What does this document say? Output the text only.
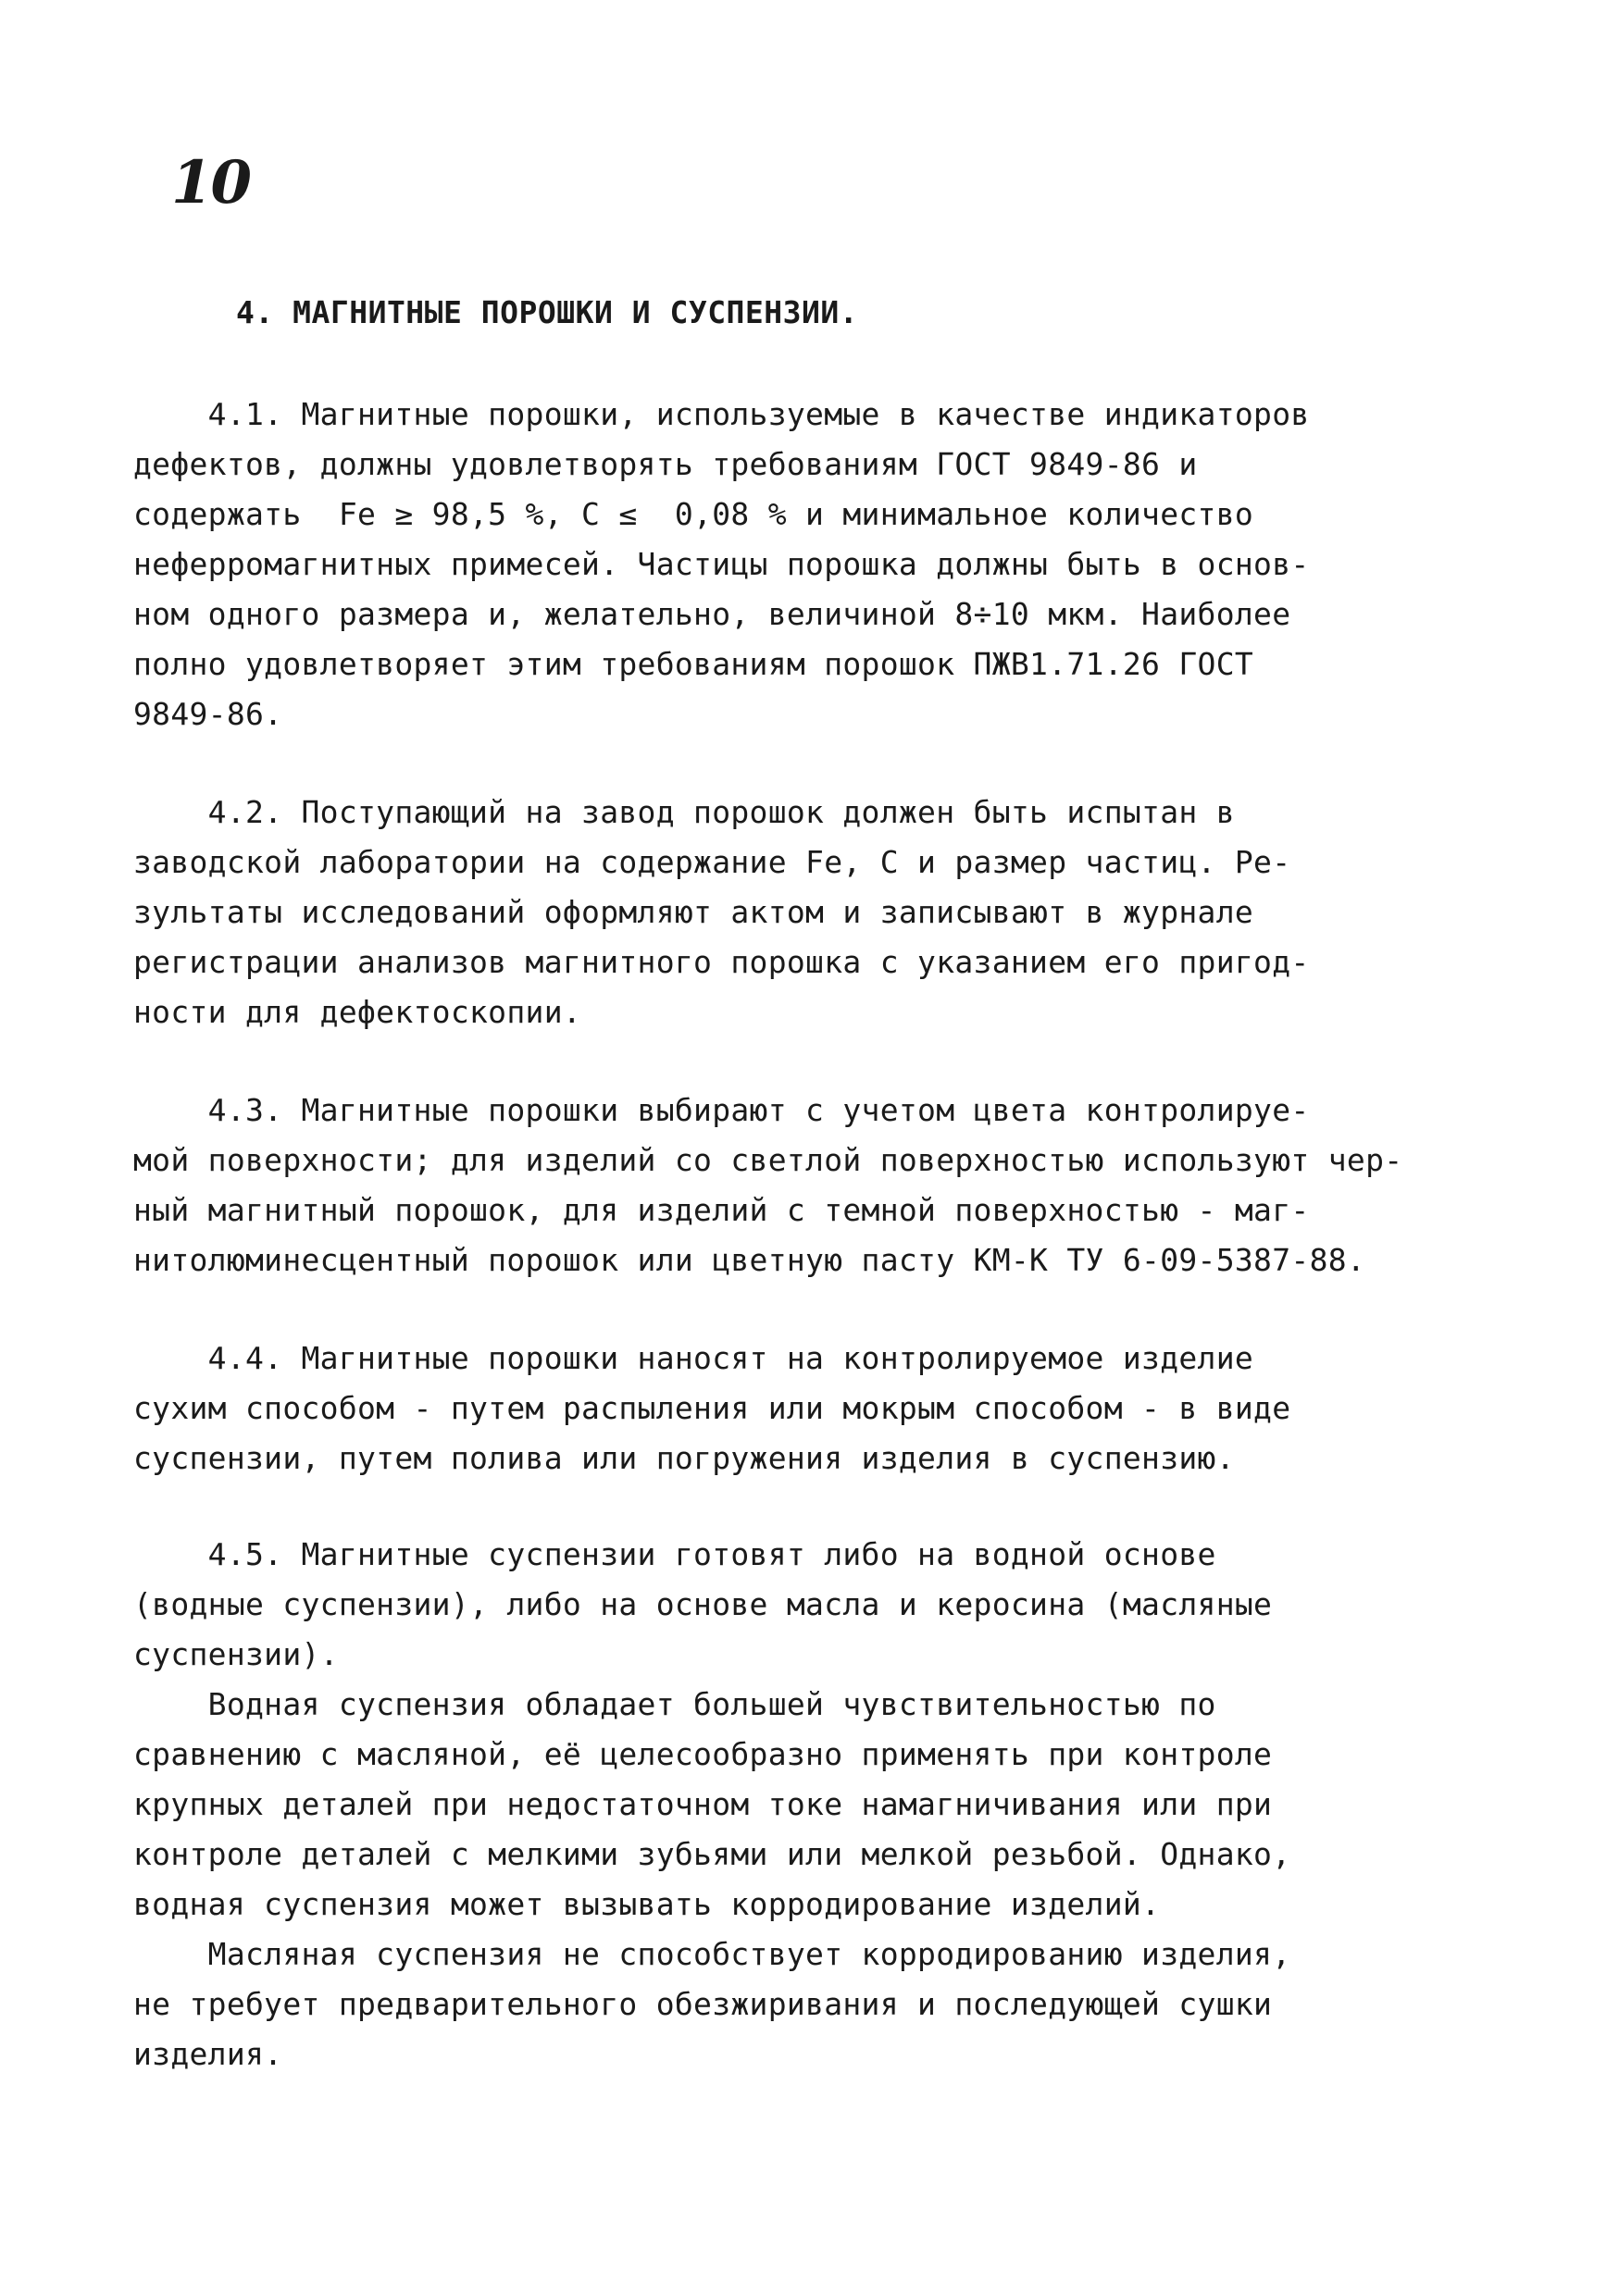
10
4. МАГНИТНЫЕ ПОРОШКИ И СУСПЕНЗИИ.
4.1. Магнитные порошки, используемые в качестве индикаторов
дефектов, должны удовлетворять требованиям ГОСТ 9849-86 и
содержать  Fe ≥ 98,5 %, C ≤  0,08 % и минимальное количество
неферромагнитных примесей. Частицы порошка должны быть в основ-
ном одного размера и, желательно, величиной 8÷10 мкм. Наиболее
полно удовлетворяет этим требованиям порошок ПЖВ1.71.26 ГОСТ
9849-86.
4.2. Поступающий на завод порошок должен быть испытан в
заводской лаборатории на содержание Fe, C и размер частиц. Ре-
зультаты исследований оформляют актом и записывают в журнале
регистрации анализов магнитного порошка с указанием его пригод-
ности для дефектоскопии.
4.3. Магнитные порошки выбирают с учетом цвета контролируе-
мой поверхности; для изделий со светлой поверхностью используют чер-
ный магнитный порошок, для изделий с темной поверхностью - маг-
нитолюминесцентный порошок или цветную пасту КМ-К ТУ 6-09-5387-88.
4.4. Магнитные порошки наносят на контролируемое изделие
сухим способом - путем распыления или мокрым способом - в виде
суспензии, путем полива или погружения изделия в суспензию.
4.5. Магнитные суспензии готовят либо на водной основе
(водные суспензии), либо на основе масла и керосина (масляные
суспензии).
Водная суспензия обладает большей чувствительностью по
сравнению с масляной, её целесообразно применять при контроле
крупных деталей при недостаточном токе намагничивания или при
контроле деталей с мелкими зубьями или мелкой резьбой. Однако,
водная суспензия может вызывать корродирование изделий.
Масляная суспензия не способствует корродированию изделия,
не требует предварительного обезжиривания и последующей сушки
изделия.
